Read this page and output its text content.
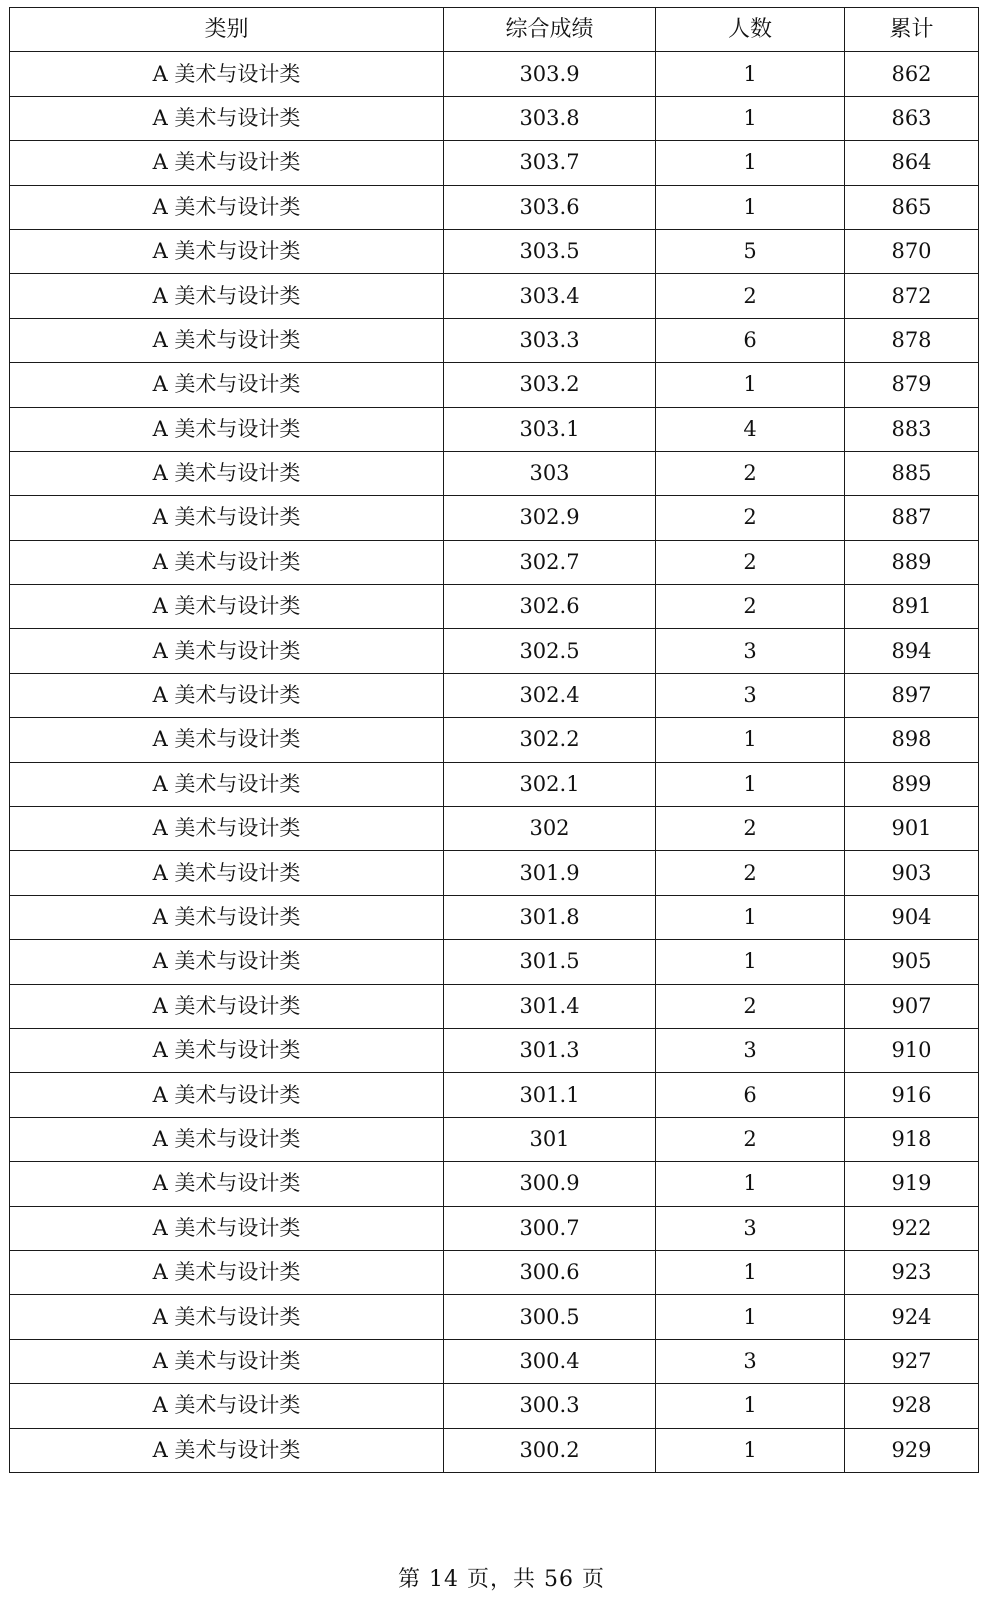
类别	综合成绩	人数	累计
A 美术与设计类	303.9	1	862
A 美术与设计类	303.8	1	863
A 美术与设计类	303.7	1	864
A 美术与设计类	303.6	1	865
A 美术与设计类	303.5	5	870
A 美术与设计类	303.4	2	872
A 美术与设计类	303.3	6	878
A 美术与设计类	303.2	1	879
A 美术与设计类	303.1	4	883
A 美术与设计类	303	2	885
A 美术与设计类	302.9	2	887
A 美术与设计类	302.7	2	889
A 美术与设计类	302.6	2	891
A 美术与设计类	302.5	3	894
A 美术与设计类	302.4	3	897
A 美术与设计类	302.2	1	898
A 美术与设计类	302.1	1	899
A 美术与设计类	302	2	901
A 美术与设计类	301.9	2	903
A 美术与设计类	301.8	1	904
A 美术与设计类	301.5	1	905
A 美术与设计类	301.4	2	907
A 美术与设计类	301.3	3	910
A 美术与设计类	301.1	6	916
A 美术与设计类	301	2	918
A 美术与设计类	300.9	1	919
A 美术与设计类	300.7	3	922
A 美术与设计类	300.6	1	923
A 美术与设计类	300.5	1	924
A 美术与设计类	300.4	3	927
A 美术与设计类	300.3	1	928
A 美术与设计类	300.2	1	929
第 14 页，共 56 页
